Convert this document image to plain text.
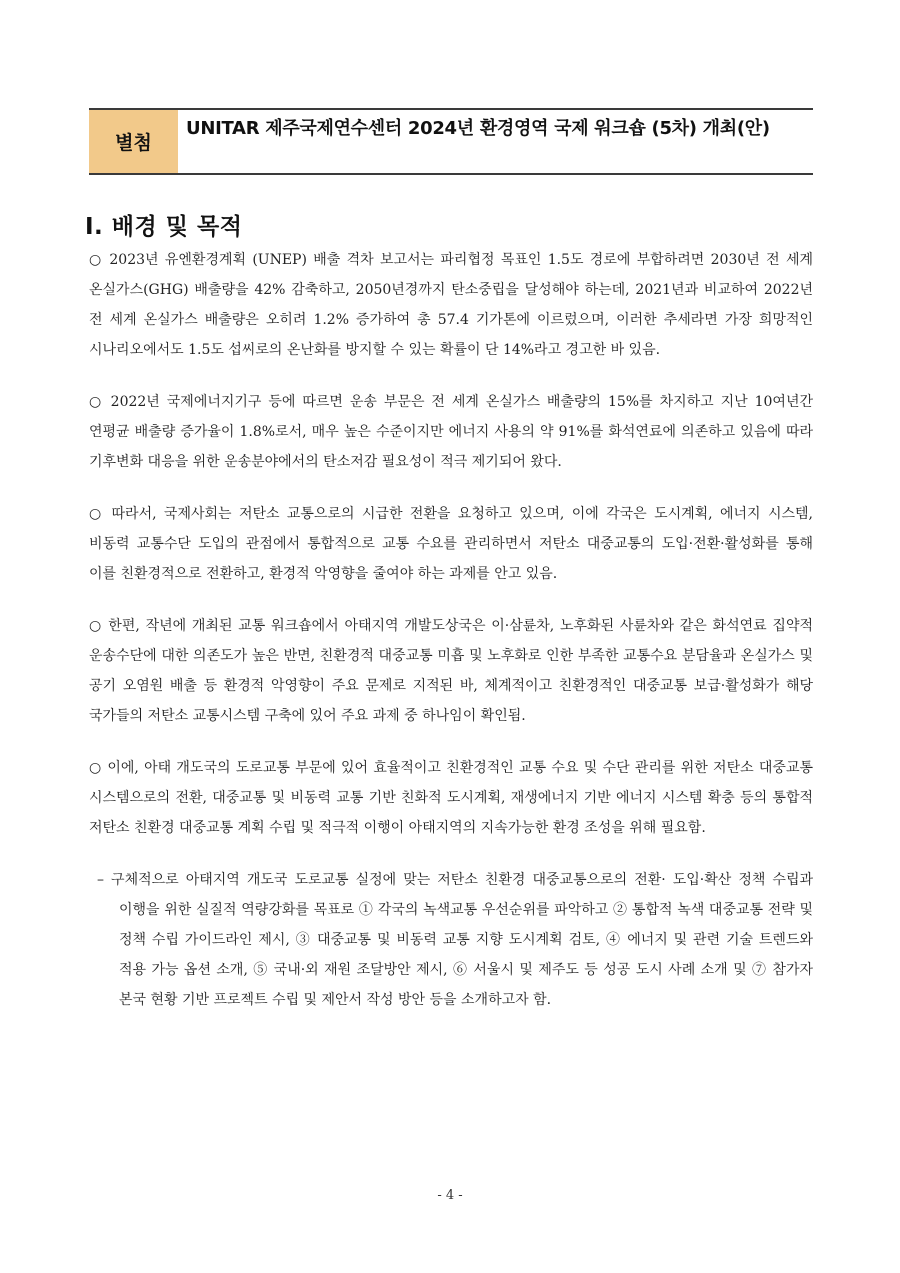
별첨
UNITAR 제주국제연수센터 2024년 환경영역 국제 워크숍 (5차) 개최(안)
Ⅰ. 배경 및 목적

○ 2023년 유엔환경계획 (UNEP) 배출 격차 보고서는 파리협정 목표인 1.5도 경로에 부합하려면 2030년 전 세계 온실가스(GHG) 배출량을 42% 감축하고, 2050년경까지 탄소중립을 달성해야 하는데, 2021년과 비교하여 2022년 전 세계 온실가스 배출량은 오히려 1.2% 증가하여 총 57.4 기가톤에 이르렀으며, 이러한 추세라면 가장 희망적인 시나리오에서도 1.5도 섭씨로의 온난화를 방지할 수 있는 확률이 단 14%라고 경고한 바 있음.

○ 2022년 국제에너지기구 등에 따르면 운송 부문은 전 세계 온실가스 배출량의 15%를 차지하고 지난 10여년간 연평균 배출량 증가율이 1.8%로서, 매우 높은 수준이지만 에너지 사용의 약 91%를 화석연료에 의존하고 있음에 따라 기후변화 대응을 위한 운송분야에서의 탄소저감 필요성이 적극 제기되어 왔다.

○ 따라서, 국제사회는 저탄소 교통으로의 시급한 전환을 요청하고 있으며, 이에 각국은 도시계획, 에너지 시스템, 비동력 교통수단 도입의 관점에서 통합적으로 교통 수요를 관리하면서 저탄소 대중교통의 도입·전환·활성화를 통해 이를 친환경적으로 전환하고, 환경적 악영향을 줄여야 하는 과제를 안고 있음.

○ 한편, 작년에 개최된 교통 워크숍에서 아태지역 개발도상국은 이·삼륜차, 노후화된 사륜차와 같은 화석연료 집약적 운송수단에 대한 의존도가 높은 반면, 친환경적 대중교통 미흡 및 노후화로 인한 부족한 교통수요 분담율과 온실가스 및 공기 오염원 배출 등 환경적 악영향이 주요 문제로 지적된 바, 체계적이고 친환경적인 대중교통 보급·활성화가 해당 국가들의 저탄소 교통시스템 구축에 있어 주요 과제 중 하나임이 확인됨.

○ 이에, 아태 개도국의 도로교통 부문에 있어 효율적이고 친환경적인 교통 수요 및 수단 관리를 위한 저탄소 대중교통 시스템으로의 전환, 대중교통 및 비동력 교통 기반 친화적 도시계획, 재생에너지 기반 에너지 시스템 확충 등의 통합적 저탄소 친환경 대중교통 계획 수립 및 적극적 이행이 아태지역의 지속가능한 환경 조성을 위해 필요함.

– 구체적으로 아태지역 개도국 도로교통 실정에 맞는 저탄소 친환경 대중교통으로의 전환· 도입·확산 정책 수립과 이행을 위한 실질적 역량강화를 목표로 ① 각국의 녹색교통 우선순위를 파악하고 ② 통합적 녹색 대중교통 전략 및 정책 수립 가이드라인 제시, ③ 대중교통 및 비동력 교통 지향 도시계획 검토, ④ 에너지 및 관련 기술 트렌드와 적용 가능 옵션 소개, ⑤ 국내·외 재원 조달방안 제시, ⑥ 서울시 및 제주도 등 성공 도시 사례 소개 및 ⑦ 참가자 본국 현황 기반 프로젝트 수립 및 제안서 작성 방안 등을 소개하고자 함.

- 4 -
